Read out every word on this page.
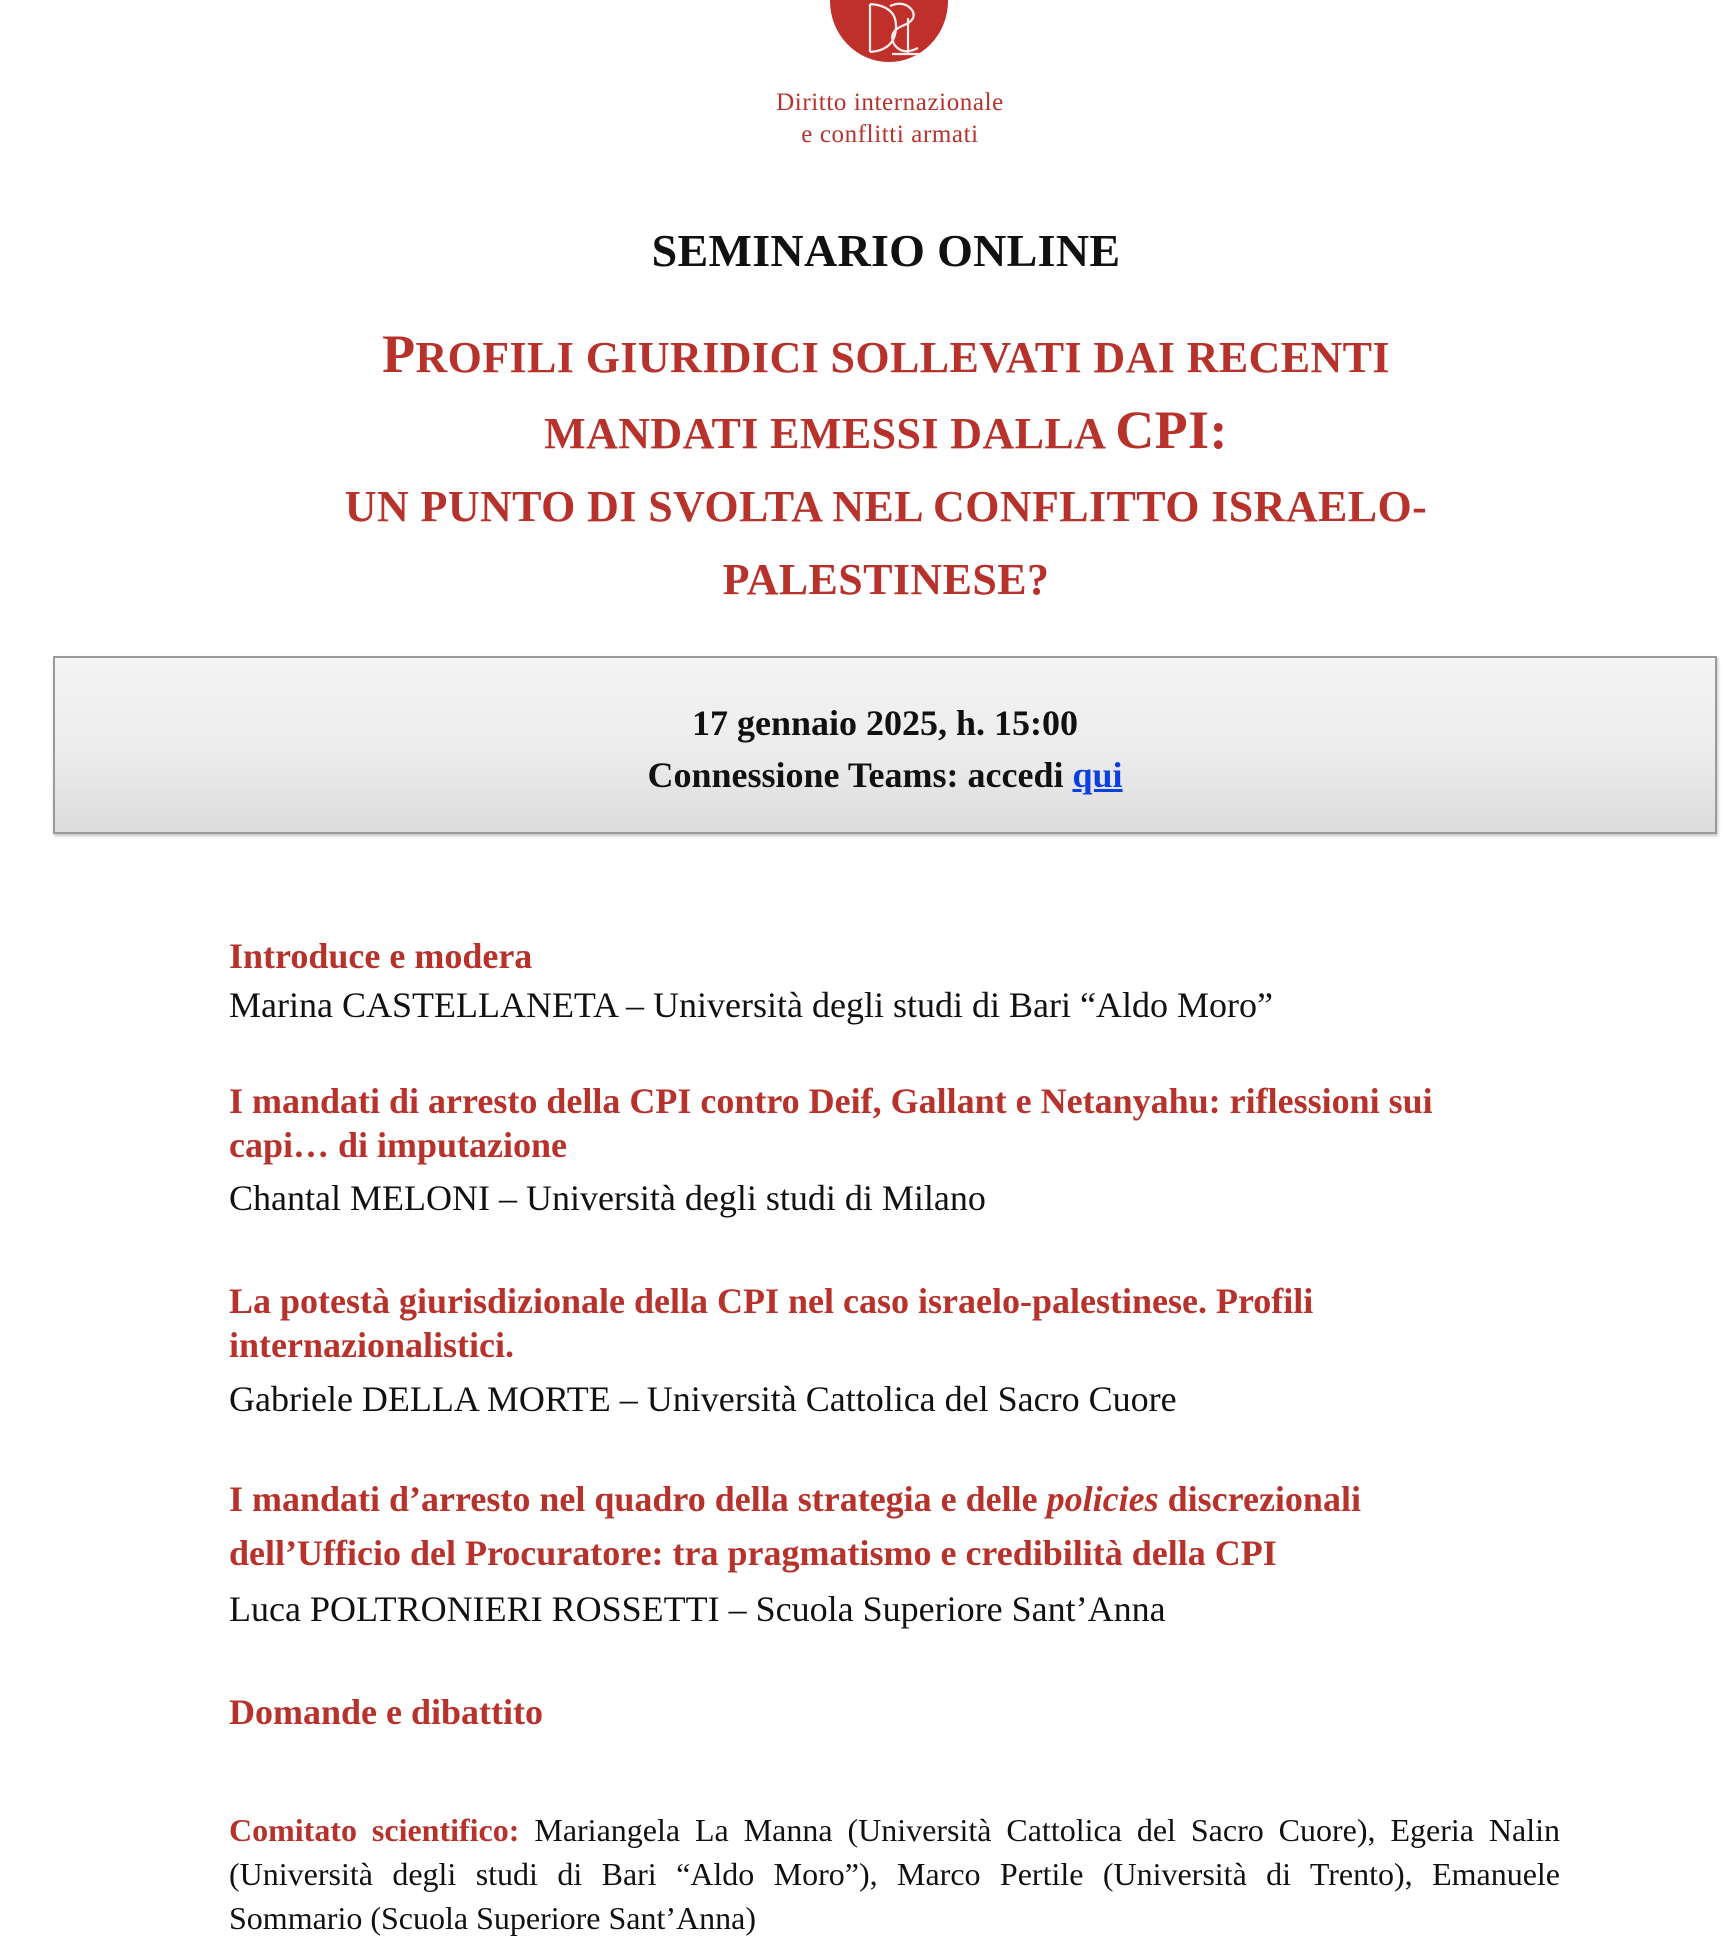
Diritto internazionale
e conflitti armati
SEMINARIO ONLINE
PROFILI GIURIDICI SOLLEVATI DAI RECENTI
MANDATI EMESSI DALLA CPI:
UN PUNTO DI SVOLTA NEL CONFLITTO ISRAELO-
PALESTINESE?
17 gennaio 2025, h. 15:00
Connessione Teams: accedi qui
Introduce e modera
Marina CASTELLANETA – Università degli studi di Bari “Aldo Moro”
I mandati di arresto della CPI contro Deif, Gallant e Netanyahu: riflessioni sui
capi… di imputazione
Chantal MELONI – Università degli studi di Milano
La potestà giurisdizionale della CPI nel caso israelo-palestinese. Profili
internazionalistici.
Gabriele DELLA MORTE – Università Cattolica del Sacro Cuore
I mandati d’arresto nel quadro della strategia e delle policies discrezionali
dell’Ufficio del Procuratore: tra pragmatismo e credibilità della CPI
Luca POLTRONIERI ROSSETTI – Scuola Superiore Sant’Anna
Domande e dibattito
Comitato scientifico: Mariangela La Manna (Università Cattolica del Sacro Cuore), Egeria Nalin (Università degli studi di Bari “Aldo Moro”), Marco Pertile (Università di Trento), Emanuele Sommario (Scuola Superiore Sant’Anna)
